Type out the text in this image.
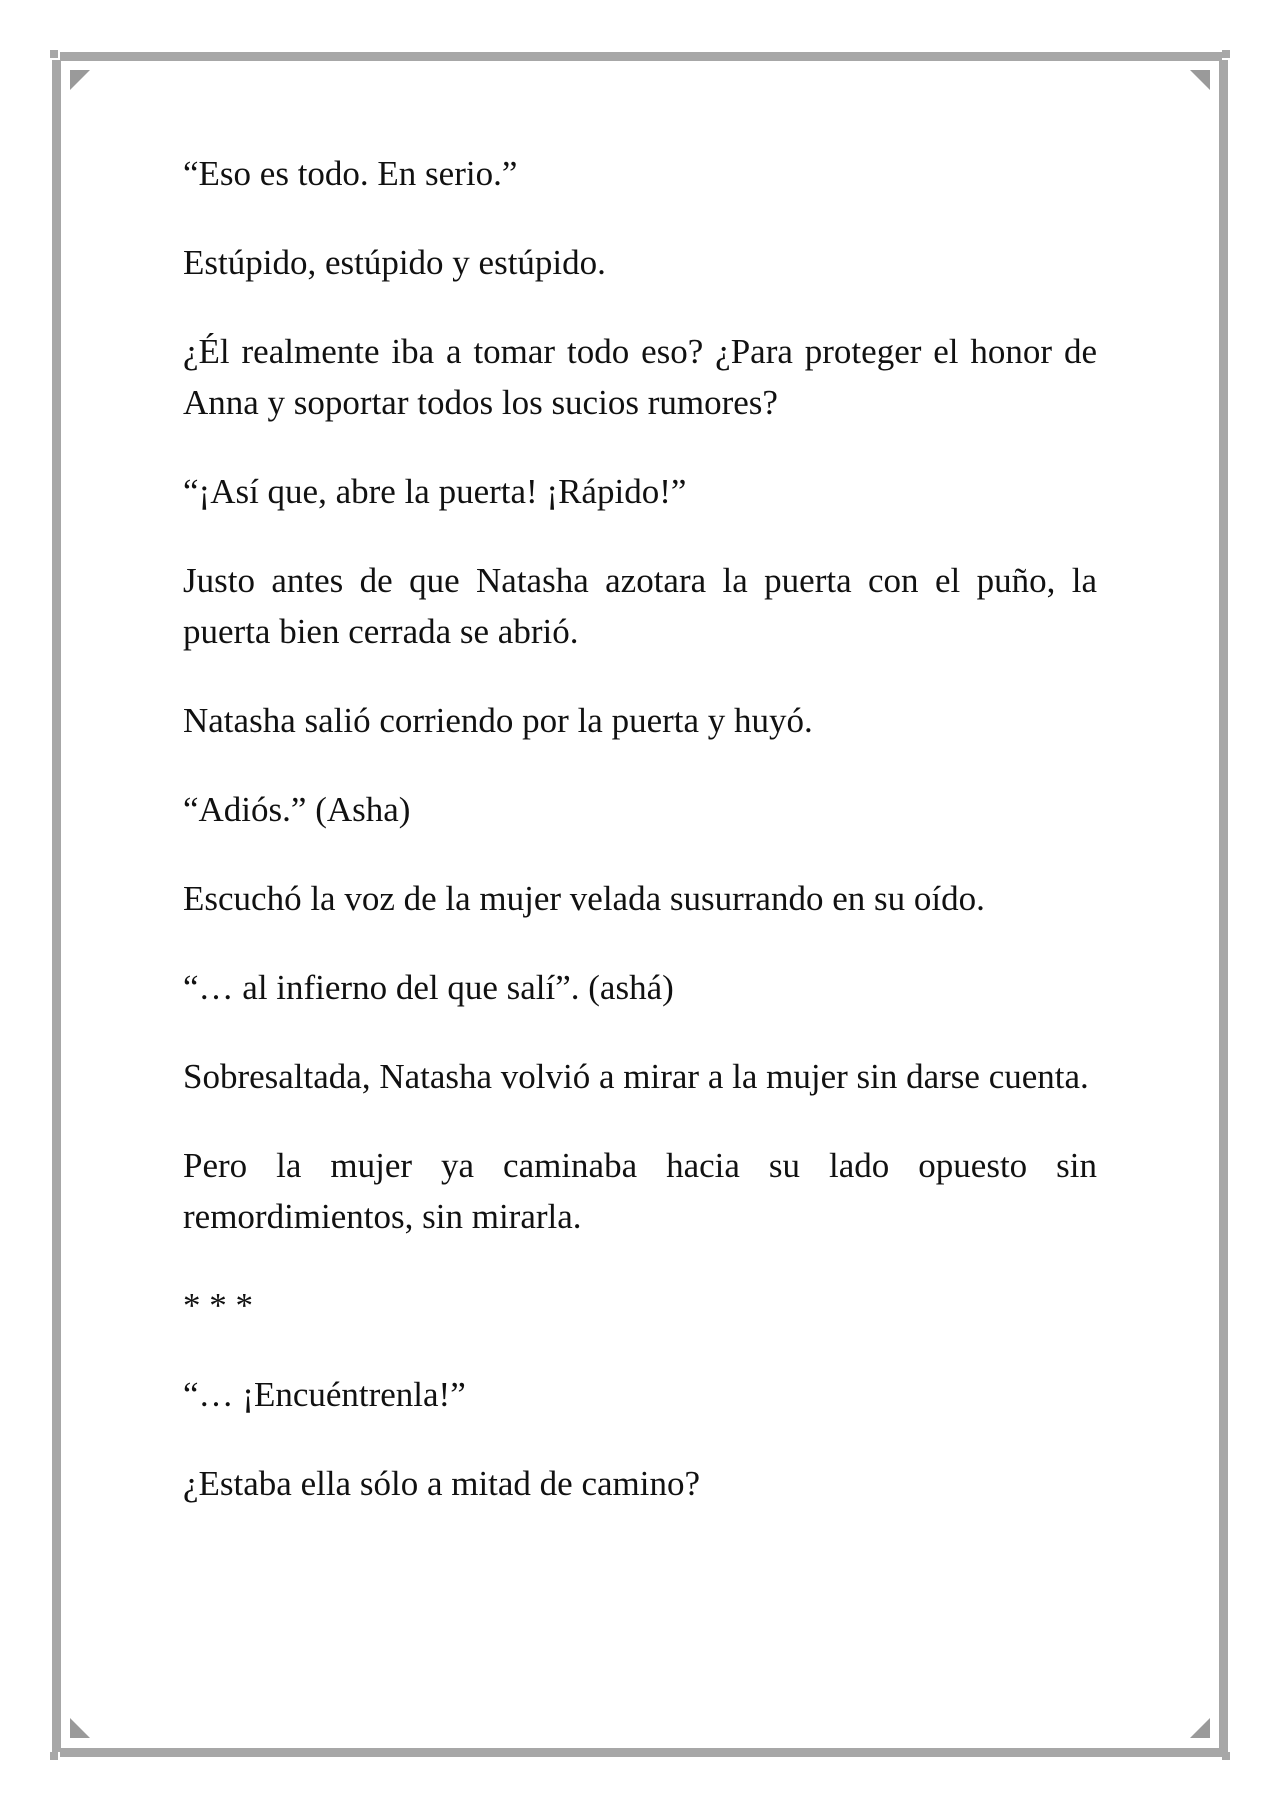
“Eso es todo. En serio.”

Estúpido, estúpido y estúpido.

¿Él realmente iba a tomar todo eso? ¿Para proteger el honor de Anna y soportar todos los sucios rumores?

“¡Así que, abre la puerta! ¡Rápido!”

Justo antes de que Natasha azotara la puerta con el puño, la puerta bien cerrada se abrió.

Natasha salió corriendo por la puerta y huyó.

“Adiós.” (Asha)

Escuchó la voz de la mujer velada susurrando en su oído.

“… al infierno del que salí”. (ashá)

Sobresaltada, Natasha volvió a mirar a la mujer sin darse cuenta.

Pero la mujer ya caminaba hacia su lado opuesto sin remordimientos, sin mirarla.

* * *

“… ¡Encuéntrenla!”

¿Estaba ella sólo a mitad de camino?
